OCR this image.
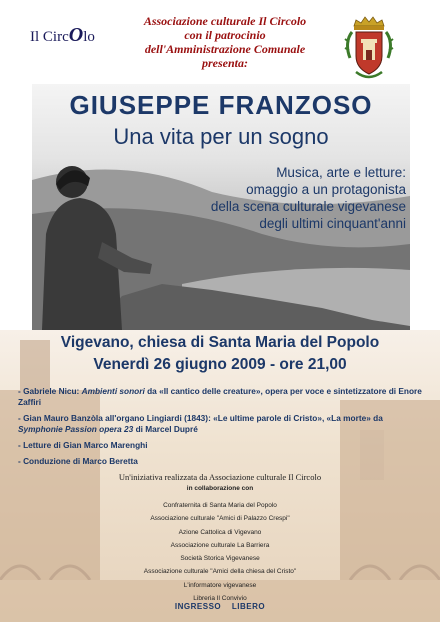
Il CircOlo
Associazione culturale Il Circolo
con il patrocinio
dell'Amministrazione Comunale
presenta:
GIUSEPPE FRANZOSO
Una vita per un sogno
Musica, arte e letture:
omaggio a un protagonista
della scena culturale vigevanese
degli ultimi cinquant'anni
Vigevano, chiesa di Santa Maria del Popolo
Venerdì 26 giugno 2009 - ore 21,00
- Gabriele Nicu: Ambienti sonori da «Il cantico delle creature», opera per voce e sintetizzatore di Enore Zaffiri
- Gian Mauro Banzòla all'organo Lingiardi (1843): «Le ultime parole di Cristo», «La morte» da Symphonie Passion opera 23 di Marcel Dupré
- Letture di Gian Marco Marenghi
- Conduzione di Marco Beretta
Un'iniziativa realizzata da Associazione culturale Il Circolo
in collaborazione con
Confraternita di Santa Maria del Popolo
Associazione culturale "Amici di Palazzo Crespi"
Azione Cattolica di Vigevano
Associazione culturale La Barriera
Società Storica Vigevanese
Associazione culturale "Amici della chiesa del Cristo"
L'informatore vigevanese
Libreria Il Convivio
INGRESSO LIBERO
